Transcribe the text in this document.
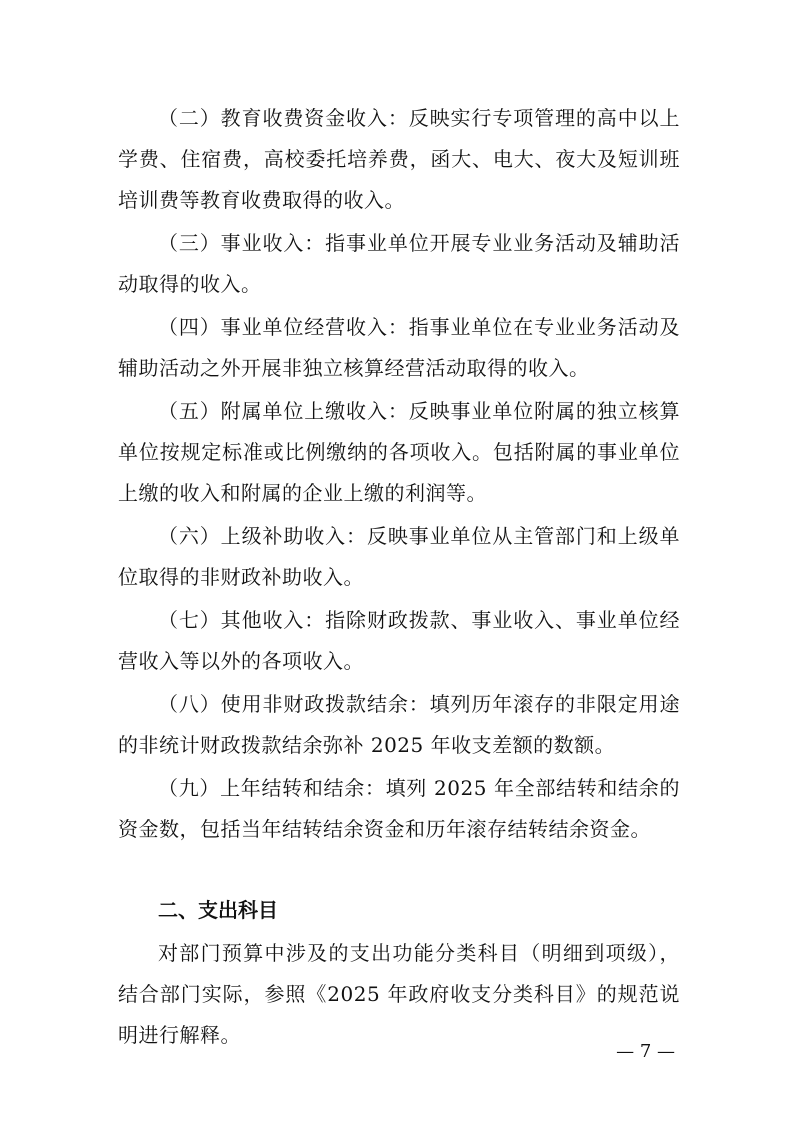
（二）教育收费资金收入：反映实行专项管理的高中以上学费、住宿费，高校委托培养费，函大、电大、夜大及短训班培训费等教育收费取得的收入。

（三）事业收入：指事业单位开展专业业务活动及辅助活动取得的收入。

（四）事业单位经营收入：指事业单位在专业业务活动及辅助活动之外开展非独立核算经营活动取得的收入。

（五）附属单位上缴收入：反映事业单位附属的独立核算单位按规定标准或比例缴纳的各项收入。包括附属的事业单位上缴的收入和附属的企业上缴的利润等。

（六）上级补助收入：反映事业单位从主管部门和上级单位取得的非财政补助收入。

（七）其他收入：指除财政拨款、事业收入、事业单位经营收入等以外的各项收入。

（八）使用非财政拨款结余：填列历年滚存的非限定用途的非统计财政拨款结余弥补 2025 年收支差额的数额。

（九）上年结转和结余：填列 2025 年全部结转和结余的资金数，包括当年结转结余资金和历年滚存结转结余资金。

二、支出科目

对部门预算中涉及的支出功能分类科目（明细到项级），结合部门实际，参照《2025 年政府收支分类科目》的规范说明进行解释。

— 7 —
